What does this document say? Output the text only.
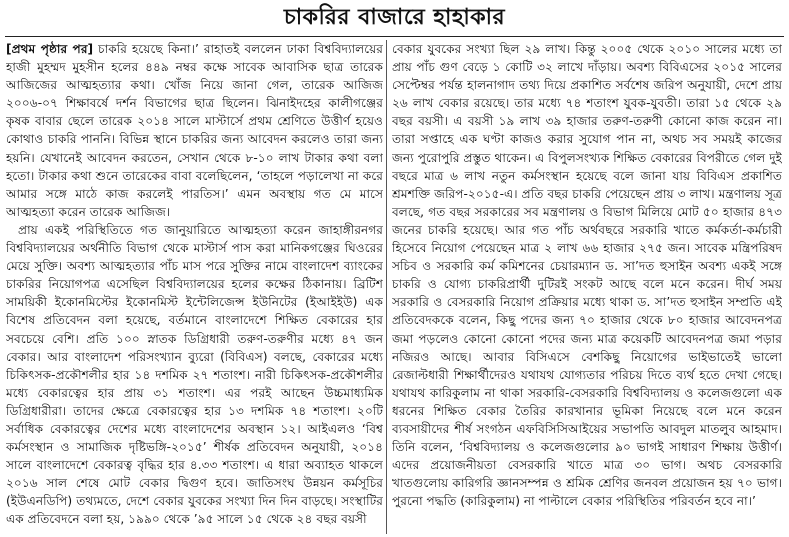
চাকরির বাজারে হাহাকার

[প্রথম পৃষ্ঠার পর] চাকরি হয়েছে কিনা।’ রাহাতই বললেন ঢাকা বিশ্ববিদ্যালয়ের হাজী মুহম্মদ মুহসীন হলের ৪৪৯ নম্বর কক্ষে সাবেক আবাসিক ছাত্র তারেক আজিজের আত্মহত্যার কথা। খোঁজ নিয়ে জানা গেল, তারেক আজিজ ২০০৬-০৭ শিক্ষাবর্ষে দর্শন বিভাগের ছাত্র ছিলেন। ঝিনাইদহের কালীগঞ্জের কৃষক বাবার ছেলে তারেক ২০১৪ সালে মাস্টার্সে প্রথম শ্রেণিতে উত্তীর্ণ হয়েও কোথাও চাকরি পাননি। বিভিন্ন স্থানে চাকরির জন্য আবেদন করলেও তারা জন্য হয়নি। যেখানেই আবেদন করতেন, সেখান থেকে ৮-১০ লাখ টাকার কথা বলা হতো। টাকার কথা শুনে তারেকের বাবা বলেছিলেন, ‘তাহলে পড়ালেখা না করে আমার সঙ্গে মাঠে কাজ করলেই পারতিস।’ এমন অবস্থায় গত মে মাসে আত্মহত্যা করেন তারেক আজিজ।

প্রায় একই পরিস্থিতিতে গত জানুয়ারিতে আত্মহত্যা করেন জাহাঙ্গীরনগর বিশ্ববিদ্যালয়ের অর্থনীতি বিভাগ থেকে মাস্টার্স পাস করা মানিকগঞ্জের ঘিওরের মেয়ে সুক্তি। অবশ্য আত্মহত্যার পাঁচ মাস পরে সুক্তির নামে বাংলাদেশ ব্যাংকের চাকরির নিয়োগপত্র এসেছিল বিশ্ববিদ্যালয়ের হলের কক্ষের ঠিকানায়। ব্রিটিশ সাময়িকী ইকোনমিস্টের ইকোনমিস্ট ইন্টেলিজেন্স ইউনিটের (ইআইইউ) এক বিশেষ প্রতিবেদন বলা হয়েছে, বর্তমানে বাংলাদেশে শিক্ষিত বেকারের হার সবচেয়ে বেশি। প্রতি ১০০ স্নাতক ডিগ্রিধারী তরুণ-তরুণীর মধ্যে ৪৭ জন বেকার। আর বাংলাদেশ পরিসংখ্যান ব্যুরো (বিবিএস) বলছে, বেকারের মধ্যে চিকিৎসক-প্রকৌশলীর হার ১৪ দশমিক ২৭ শতাংশ। নারী চিকিৎসক-প্রকৌশলীর মধ্যে বেকারত্বের হার প্রায় ৩১ শতাংশ। এর পরই আছেন উচ্চমাধ্যমিক ডিগ্রিধারীরা। তাদের ক্ষেত্রে বেকারত্বের হার ১৩ দশমিক ৭৪ শতাংশ। ২০টি সর্বাধিক বেকারত্বের দেশের মধ্যে বাংলাদেশের অবস্থান ১২। আইএলও ‘বিশ্ব কর্মসংস্থান ও সামাজিক দৃষ্টিভঙ্গি-২০১৫’ শীর্ষক প্রতিবেদন অনুযায়ী, ২০১৪ সালে বাংলাদেশে বেকারত্ব বৃদ্ধির হার ৪.৩৩ শতাংশ। এ ধারা অব্যাহত থাকলে ২০১৬ সাল শেষে মোট বেকার দ্বিগুণ হবে। জাতিসংঘ উন্নয়ন কর্মসূচির (ইউএনডিপি) তথ্যমতে, দেশে বেকার যুবকের সংখ্যা দিন দিন বাড়ছে। সংস্থাটির এক প্রতিবেদনে বলা হয়, ১৯৯০ থেকে ’৯৫ সালে ১৫ থেকে ২৪ বছর বয়সী

বেকার যুবকের সংখ্যা ছিল ২৯ লাখ। কিন্তু ২০০৫ থেকে ২০১০ সালের মধ্যে তা প্রায় পাঁচ গুণ বেড়ে ১ কোটি ৩২ লাখে দাঁড়ায়। অবশ্য বিবিএসের ২০১৫ সালের সেপ্টেম্বর পর্যন্ত হালনাগাদ তথ্য দিয়ে প্রকাশিত সর্বশেষ জরিপ অনুযায়ী, দেশে প্রায় ২৬ লাখ বেকার রয়েছে। তার মধ্যে ৭৪ শতাংশ যুবক-যুবতী। তারা ১৫ থেকে ২৯ বছর বয়সী। এ বয়সী ১৯ লাখ ৩৯ হাজার তরুণ-তরুণী কোনো কাজ করেন না। তারা সপ্তাহে এক ঘণ্টা কাজও করার সুযোগ পান না, অথচ সব সময়ই কাজের জন্য পুরোপুরি প্রস্তুত থাকেন। এ বিপুলসংখ্যক শিক্ষিত বেকারের বিপরীতে গেল দুই বছরে মাত্র ৬ লাখ নতুন কর্মসংস্থান হয়েছে বলে জানা যায় বিবিএস প্রকাশিত শ্রমশক্তি জরিপ-২০১৫-এ। প্রতি বছর চাকরি পেয়েছেন প্রায় ৩ লাখ। মন্ত্রণালয় সূত্র বলছে, গত বছর সরকারের সব মন্ত্রণালয় ও বিভাগ মিলিয়ে মোট ৫০ হাজার ৪৭৩ জনের চাকরি হয়েছে। আর গত পাঁচ অর্থবছরে সরকারি খাতে কর্মকর্তা-কর্মচারী হিসেবে নিয়োগ পেয়েছেন মাত্র ২ লাখ ৬৬ হাজার ২৭৫ জন। সাবেক মন্ত্রিপরিষদ সচিব ও সরকারি কর্ম কমিশনের চেয়ারম্যান ড. সা’দত হুসাইন অবশ্য একই সঙ্গে চাকরি ও যোগ্য চাকরিপ্রার্থী দুটিরই সংকট আছে বলে মনে করেন। দীর্ঘ সময় সরকারি ও বেসরকারি নিয়োগ প্রক্রিয়ার মধ্যে থাকা ড. সা’দত হুসাইন সম্প্রতি এই প্রতিবেদককে বলেন, কিছু পদের জন্য ৭০ হাজার থেকে ৮০ হাজার আবেদনপত্র জমা পড়লেও কোনো কোনো পদের জন্য মাত্র কয়েকটি আবেদনপত্র জমা পড়ার নজিরও আছে। আবার বিসিএসে বেশকিছু নিয়োগের ভাইভাতেই ভালো রেজাল্টধারী শিক্ষার্থীদেরও যথাযথ যোগ্যতার পরিচয় দিতে ব্যর্থ হতে দেখা গেছে। যথাযথ কারিকুলাম না থাকা সরকারি-বেসরকারি বিশ্ববিদ্যালয় ও কলেজগুলো এক ধরনের শিক্ষিত বেকার তৈরির কারখানার ভূমিকা নিয়েছে বলে মনে করেন ব্যবসায়ীদের শীর্ষ সংগঠন এফবিসিসিআইয়ের সভাপতি আবদুল মাতলুব আহমাদ। তিনি বলেন, ‘বিশ্ববিদ্যালয় ও কলেজগুলোর ৯০ ভাগই সাধারণ শিক্ষায় উত্তীর্ণ। এদের প্রয়োজনীয়তা বেসরকারি খাতে মাত্র ৩০ ভাগ। অথচ বেসরকারি খাতগুলোয় কারিগরি জ্ঞানসম্পন্ন ও শ্রমিক শ্রেণির জনবল প্রয়োজন হয় ৭০ ভাগ। পুরনো পদ্ধতি (কারিকুলাম) না পাল্টালে বেকার পরিস্থিতির পরিবর্তন হবে না।’
